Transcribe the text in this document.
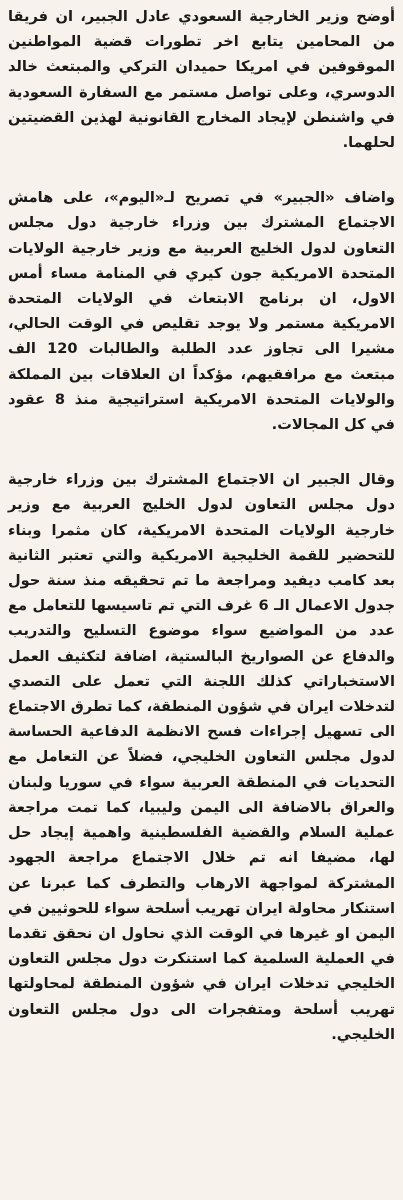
أوضح وزير الخارجية السعودي عادل الجبير، ان فريقا من المحامين يتابع اخر تطورات قضية المواطنين الموقوفين في امريكا حميدان التركي والمبتعث خالد الدوسري، وعلى تواصل مستمر مع السفارة السعودية في واشنطن لإيجاد المخارج القانونية لهذين القضيتين لحلهما.

واضاف «الجبير» في تصريح لـ«اليوم»، على هامش الاجتماع المشترك بين وزراء خارجية دول مجلس التعاون لدول الخليج العربية مع وزير خارجية الولايات المتحدة الامريكية جون كيري في المنامة مساء أمس الاول، ان برنامج الابتعاث في الولايات المتحدة الامريكية مستمر ولا يوجد تقليص في الوقت الحالي، مشيرا الى تجاوز عدد الطلبة والطالبات 120 الف مبتعث مع مرافقيهم، مؤكداً ان العلاقات بين المملكة والولايات المتحدة الامريكية استراتيجية منذ 8 عقود في كل المجالات.

وقال الجبير ان الاجتماع المشترك بين وزراء خارجية دول مجلس التعاون لدول الخليج العربية مع وزير خارجية الولايات المتحدة الامريكية، كان مثمرا وبناء للتحضير للقمة الخليجية الامريكية والتي تعتبر الثانية بعد كامب ديفيد ومراجعة ما تم تحقيقه منذ سنة حول جدول الاعمال الـ 6 غرف التي تم تاسيسها للتعامل مع عدد من المواضيع سواء موضوع التسليح والتدريب والدفاع عن الصواريخ البالستية، اضافة لتكثيف العمل الاستخباراتي كذلك اللجنة التي تعمل على التصدي لتدخلات ايران في شؤون المنطقة، كما تطرق الاجتماع الى تسهيل إجراءات فسح الانظمة الدفاعية الحساسة لدول مجلس التعاون الخليجي، فضلاً عن التعامل مع التحديات في المنطقة العربية سواء في سوريا ولبنان والعراق بالاضافة الى اليمن وليبيا، كما تمت مراجعة عملية السلام والقضية الفلسطينية واهمية إيجاد حل لها، مضيفا انه تم خلال الاجتماع مراجعة الجهود المشتركة لمواجهة الارهاب والتطرف كما عبرنا عن استنكار محاولة ايران تهريب أسلحة سواء للحوثيين في اليمن او غيرها في الوقت الذي نحاول ان نحقق تقدما في العملية السلمية كما استنكرت دول مجلس التعاون الخليجي تدخلات ايران في شؤون المنطقة لمحاولتها تهريب أسلحة ومتفجرات الى دول مجلس التعاون الخليجي.
